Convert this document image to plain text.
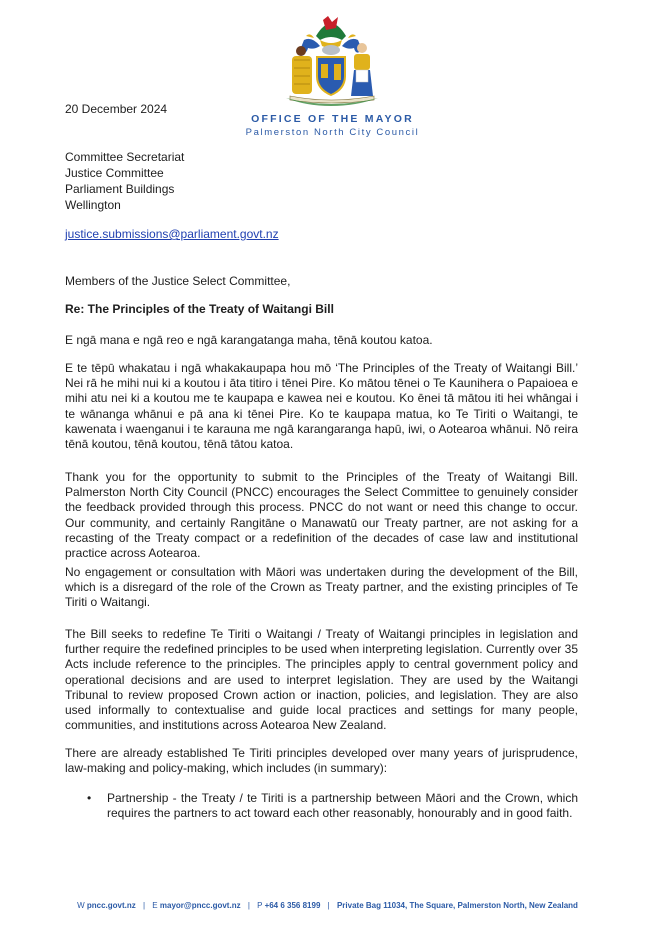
OFFICE OF THE MAYOR
Palmerston North City Council
20 December 2024
Committee Secretariat
Justice Committee
Parliament Buildings
Wellington
justice.submissions@parliament.govt.nz
Members of the Justice Select Committee,
Re: The Principles of the Treaty of Waitangi Bill

E ngā mana e ngā reo e ngā karangatanga maha, tēnā koutou katoa.

E te tēpū whakatau i ngā whakakaupapa hou mō ‘The Principles of the Treaty of Waitangi Bill.’ Nei rā he mihi nui ki a koutou i āta titiro i tēnei Pire. Ko mātou tēnei o Te Kaunihera o Papaioea e mihi atu nei ki a koutou me te kaupapa e kawea nei e koutou. Ko ēnei tā mātou iti hei whāngai i te wānanga whānui e pā ana ki tēnei Pire. Ko te kaupapa matua, ko Te Tiriti o Waitangi, te kawenata i waenganui i te karauna me ngā karangaranga hapū, iwi, o Aotearoa whānui. Nō reira tēnā koutou, tēnā koutou, tēnā tātou katoa.

Thank you for the opportunity to submit to the Principles of the Treaty of Waitangi Bill. Palmerston North City Council (PNCC) encourages the Select Committee to genuinely consider the feedback provided through this process. PNCC do not want or need this change to occur. Our community, and certainly Rangitāne o Manawatū our Treaty partner, are not asking for a recasting of the Treaty compact or a redefinition of the decades of case law and institutional practice across Aotearoa.

No engagement or consultation with Māori was undertaken during the development of the Bill, which is a disregard of the role of the Crown as Treaty partner, and the existing principles of Te Tiriti o Waitangi.

The Bill seeks to redefine Te Tiriti o Waitangi / Treaty of Waitangi principles in legislation and further require the redefined principles to be used when interpreting legislation. Currently over 35 Acts include reference to the principles. The principles apply to central government policy and operational decisions and are used to interpret legislation. They are used by the Waitangi Tribunal to review proposed Crown action or inaction, policies, and legislation. They are also used informally to contextualise and guide local practices and settings for many people, communities, and institutions across Aotearoa New Zealand.

There are already established Te Tiriti principles developed over many years of jurisprudence, law-making and policy-making, which includes (in summary):

• Partnership - the Treaty / te Tiriti is a partnership between Māori and the Crown, which requires the partners to act toward each other reasonably, honourably and in good faith.
W pncc.govt.nz | E mayor@pncc.govt.nz | P +64 6 356 8199 | Private Bag 11034, The Square, Palmerston North, New Zealand
